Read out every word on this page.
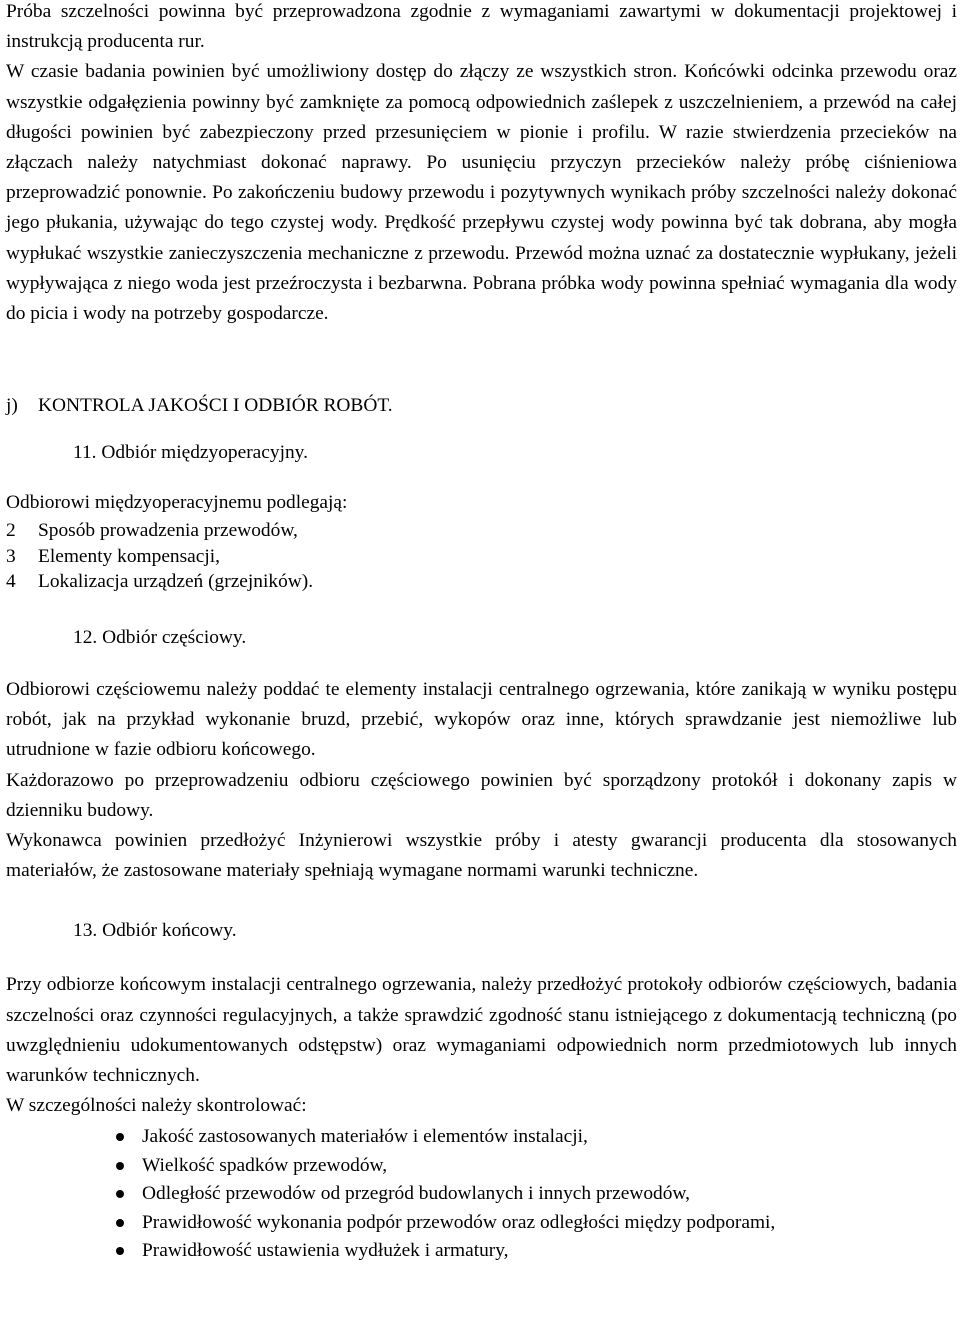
Próba szczelności powinna być przeprowadzona zgodnie z wymaganiami zawartymi w dokumentacji projektowej i instrukcją producenta rur.

W czasie badania powinien być umożliwiony dostęp do złączy ze wszystkich stron. Końcówki odcinka przewodu oraz wszystkie odgałęzienia powinny być zamknięte za pomocą odpowiednich zaślepek z uszczelnieniem, a przewód na całej długości powinien być zabezpieczony przed przesunięciem w pionie i profilu. W razie stwierdzenia przecieków na złączach należy natychmiast dokonać naprawy. Po usunięciu przyczyn przecieków należy próbę ciśnieniowa przeprowadzić ponownie. Po zakończeniu budowy przewodu i pozytywnych wynikach próby szczelności należy dokonać jego płukania, używając do tego czystej wody. Prędkość przepływu czystej wody powinna być tak dobrana, aby mogła wypłukać wszystkie zanieczyszczenia mechaniczne z przewodu. Przewód można uznać za dostatecznie wypłukany, jeżeli wypływająca z niego woda jest przeźroczysta i bezbarwna. Pobrana próbka wody powinna spełniać wymagania dla wody do picia i wody na potrzeby gospodarcze.

j)	KONTROLA JAKOŚCI I ODBIÓR ROBÓT.
11. Odbiór międzyoperacyjny.

Odbiorowi międzyoperacyjnemu podlegają:

2	Sposób prowadzenia przewodów,
3	Elementy kompensacji,
4	Lokalizacja urządzeń (grzejników).
12. Odbiór częściowy.

Odbiorowi częściowemu należy poddać te elementy instalacji centralnego ogrzewania, które zanikają w wyniku postępu robót, jak na przykład wykonanie bruzd, przebić, wykopów oraz inne, których sprawdzanie jest niemożliwe lub utrudnione w fazie odbioru końcowego.

Każdorazowo po przeprowadzeniu odbioru częściowego powinien być sporządzony protokół i dokonany zapis w dzienniku budowy.

Wykonawca powinien przedłożyć Inżynierowi wszystkie próby i atesty gwarancji producenta dla stosowanych materiałów, że zastosowane materiały spełniają wymagane normami warunki techniczne.

13. Odbiór końcowy.

Przy odbiorze końcowym instalacji centralnego ogrzewania, należy przedłożyć protokoły odbiorów częściowych, badania szczelności oraz czynności regulacyjnych, a także sprawdzić zgodność stanu istniejącego z dokumentacją techniczną (po uwzględnieniu udokumentowanych odstępstw) oraz wymaganiami odpowiednich norm przedmiotowych lub innych warunków technicznych.

W szczególności należy skontrolować:

Jakość zastosowanych materiałów i elementów instalacji,
Wielkość spadków przewodów,
Odległość przewodów od przegród budowlanych i innych przewodów,
Prawidłowość wykonania podpór przewodów oraz odległości między podporami,
Prawidłowość ustawienia wydłużek i armatury,
